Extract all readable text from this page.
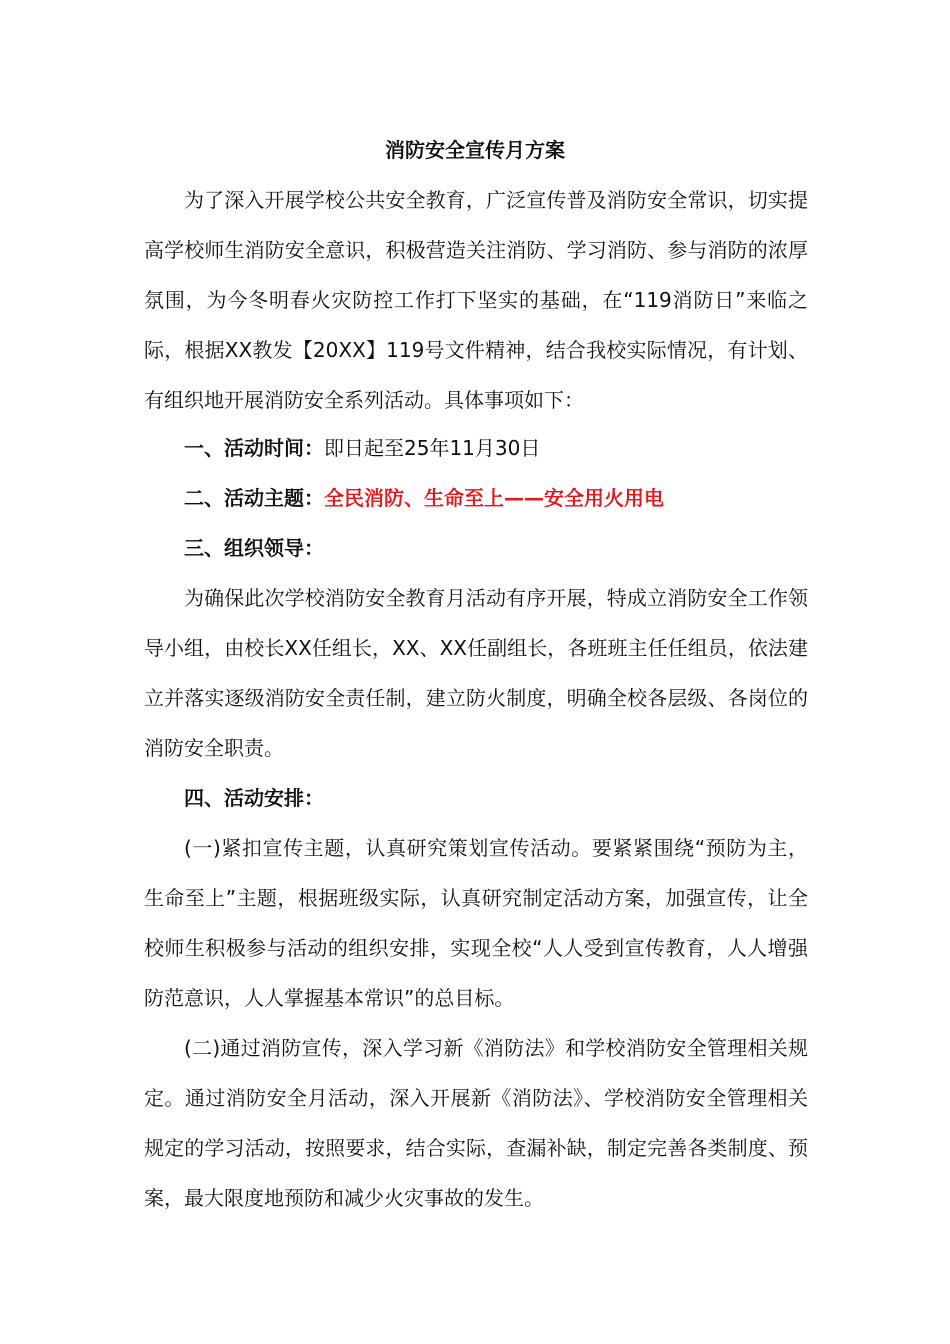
消防安全宣传月方案

为了深入开展学校公共安全教育，广泛宣传普及消防安全常识，切实提高学校师生消防安全意识，积极营造关注消防、学习消防、参与消防的浓厚氛围，为今冬明春火灾防控工作打下坚实的基础，在“119消防日”来临之际，根据XX教发【20XX】119号文件精神，结合我校实际情况，有计划、有组织地开展消防安全系列活动。具体事项如下：

一、活动时间：即日起至25年11月30日

二、活动主题：全民消防、生命至上——安全用火用电

三、组织领导：

为确保此次学校消防安全教育月活动有序开展，特成立消防安全工作领导小组，由校长XX任组长，XX、XX任副组长，各班班主任任组员，依法建立并落实逐级消防安全责任制，建立防火制度，明确全校各层级、各岗位的消防安全职责。

四、活动安排：

(一)紧扣宣传主题，认真研究策划宣传活动。要紧紧围绕“预防为主，生命至上”主题，根据班级实际，认真研究制定活动方案，加强宣传，让全校师生积极参与活动的组织安排，实现全校“人人受到宣传教育，人人增强防范意识，人人掌握基本常识”的总目标。

(二)通过消防宣传，深入学习新《消防法》和学校消防安全管理相关规定。通过消防安全月活动，深入开展新《消防法》、学校消防安全管理相关规定的学习活动，按照要求，结合实际，查漏补缺，制定完善各类制度、预案，最大限度地预防和减少火灾事故的发生。
